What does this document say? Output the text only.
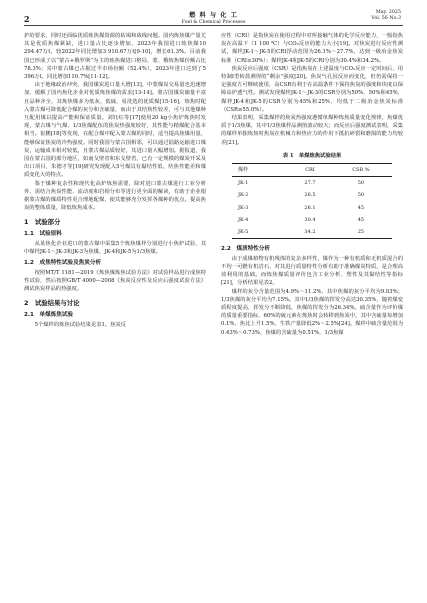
2	燃 料 与 化 工
Fuel & Chemical Processes
May. 2025
Vol. 56 No.3

护的要求，同时还面临优质炼焦煤资源的枯竭和战线问题。国内炼焦煤产量尤其是优质焦煤紧缺，进口量占比逐步增加，2023年我国进口炼焦煤10 294.47万t，较2022年同比增加3 910.67万t[9-10]，增长61.3%。目前我国已形成了以“蒙古+俄罗斯”为主的炼焦煤进口格局，蒙、俄炼焦煤份额占比78.3%；其中蒙古煤已占据过半市场份额（52.4%），2023年进口达到了5 396万t，同比增加110.7%[11-12]。

由于地缘政治冲突，我国煤炭进口量大增[13]，中蒙煤炭交易量也迅速增加，缓解了国内焦化企业对优质炼焦煤的需求[13-14]。蒙古国煤炭储量丰富且品种齐全，其炼焦煤多为低灰、低硫、易洗选的优质煤[15-16]，炼焦时配入蒙古煤可降低配合煤的灰分和含硫量，而由于其结焦性较差，可与其他煤种互配用煤以提高产能和保证质量。刘钰红等[17]使用20 kg小焦炉炼焦时发现，蒙古煤与气煤、1/3焦煤配伍的焦炭热强度较好，其性能与精煤配合基本相当。崔鹏[18]等发现，在配合煤中配入蒙古煤的同时，适当提高焦煤用量，能够保证焦炭的冷热强度。同时我国与蒙古国相邻，可以通过陆路运输进口煤炭，运输成本相对较低，且蒙古煤品质较好，其进口量大幅增加。据报道，我国在蒙古国的部分地区，如南戈壁省和东戈壁省，已有一定规模的煤炭开采及出口项目，朱德才等[19]研究发现配入5号煤具有黏结性低、结焦性能差和煤质变化大的特点。

鉴于煤种复杂性和现代化高炉炼焦需要，除对进口蒙古煤进行工业分析外，需结合焦炭性能、流动度和岩相分布等进行更全面的解读，有助于企业根据蒙古煤的煤质特性更合理地配煤，使其能够充分发挥各煤种的优点，提高焦炭的整体质量，降低炼焦成本。

1　试验部分
1.1　试验原料

从某焦化企业进口的蒙古煤中采集5个炼焦煤样分别进行小焦炉试验，其中煤样JK-1～JK-3和JK-3为焦煤，JK-4和JK-5为1/3焦煤。

1.2　成焦特性试验及焦炭分析

按照MT/T 1181—2019《炼焦煤炼焦试验方法》对试验样品进行成焦特性试验，然后按照GB/T 4000—2008《焦炭反应性及反应后强度试验方法》测试焦炭样品的热强度。

2　试验结果与讨论
2.1　单煤炼焦试验

5个煤样的炼焦试验结果见表1。焦炭反

应性（CRI）是指焦炭在使用过程中对所接触气体的化学反应能力，一般指焦炭在高温下（1 100 ℃）与CO₂反应的能力大小[19]。对焦炭进行反应性测试，煤样JK-1～JK-5的CRI浮动范围为26.1%～27.7%，达到一级冶金焦炭标准（CRI≤30%）；煤样JK-4和JK-5的CRI分别为30.4%和34.2%。

焦炭反应后强度（CSR）是指焦炭在上述温度与CO₂反应一定时间后，用特制I型转鼓测得的“剩余”强度[20]。焦炭气孔因反应而变化，但仍需保持一定强度方可继续使用，高CSR有利于在高温条件下保持焦炭的强度和块度以保障高炉透气性。测试发现煤样JK-1～JK-3的CSR分别为50%、50%和45%，煤样JK-4和JK-5的CSR分别为45%和25%，均低于二级冶金焦炭标准（CSR≥55.0%）。

结果表明，采集煤样的焦炭热强度遵循单煤种炼焦质量变化规律，焦煤优质于1/3焦煤，其中1/3焦煤样品测值波动较大；而反应后强度测试表明，采集的煤样单独炼焦时焦炭在机械力和热应力的作用下抵抗碎裂和磨损的能力均较差[21]。

表 1　单煤炼焦试验结果
煤样	CRI	CSR %
JK-1	27.7	50
JK-2	26.5	50
JK-3	26.1	45
JK-4	30.4	45
JK-5	34.2	25
2.2　煤质特性分析

由于成煤植物有机残体的复杂多样性，煤作为一种有机质和无机质混合的不均一可燃有机岩石，对其进行质量特性分析有助于准确煤炭特质，是合理高效利用的基础。而炼焦煤质量评价包含工业分析、塑性及其黏结性等指标[21]，分析结果见表2。

煤样的灰分含量范围为4.9%～11.2%，其中焦煤的灰分平均为9.03%；1/3焦煤的灰分平均为7.15%。其中1/3焦煤的挥发分高达30.35%，随着煤变质程度提高，挥发分不断降低，焦煤的挥发分为26.34%。硫含量作为评价煤的质量重要指标，60%的硫元素在炼焦时会转移到焦炭中，其中含硫量每增加0.1%，焦比上升1.5%，生铁产量降低2%～2.5%[24]。煤样中硫含量范围为0.43%～0.73%，焦煤的含硫量为0.51%，1/3焦煤
